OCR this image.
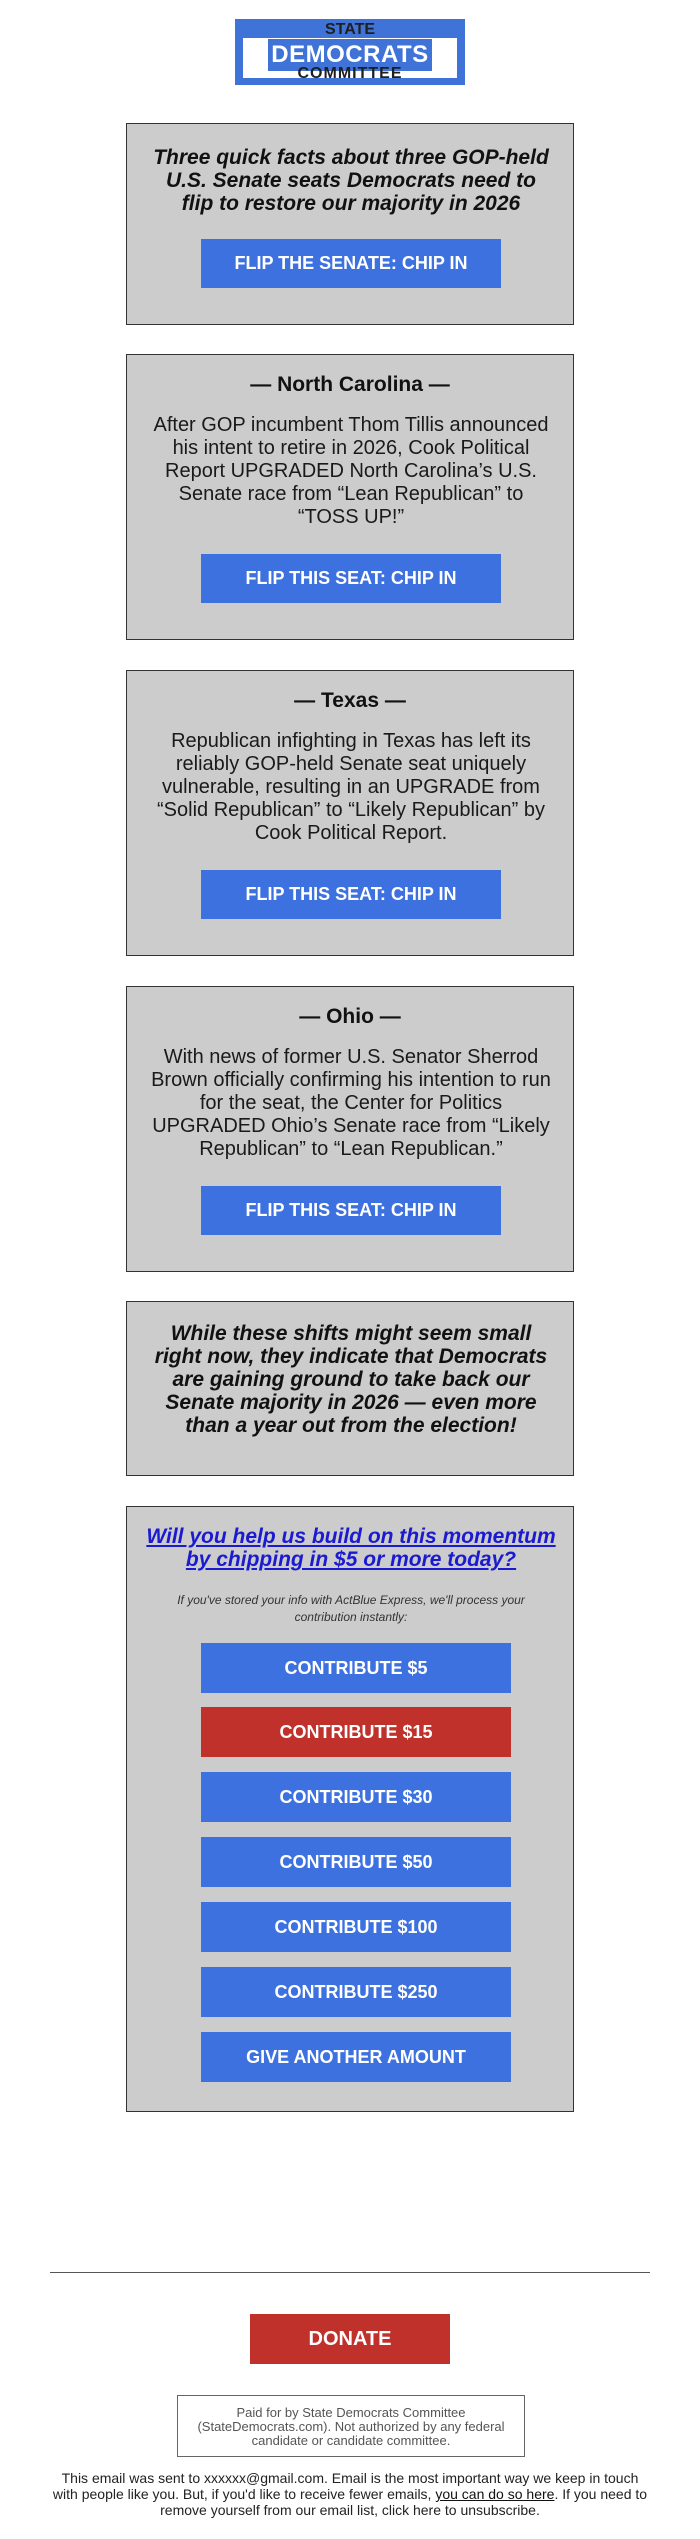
STATE
DEMOCRATS
COMMITTEE
Three quick facts about three GOP-held U.S. Senate seats Democrats need to flip to restore our majority in 2026
FLIP THE SENATE: CHIP IN
— North Carolina —
After GOP incumbent Thom Tillis announced his intent to retire in 2026, Cook Political Report UPGRADED North Carolina’s U.S. Senate race from “Lean Republican” to “TOSS UP!”
FLIP THIS SEAT: CHIP IN
— Texas —
Republican infighting in Texas has left its reliably GOP-held Senate seat uniquely vulnerable, resulting in an UPGRADE from “Solid Republican” to “Likely Republican” by Cook Political Report.
FLIP THIS SEAT: CHIP IN
— Ohio —
With news of former U.S. Senator Sherrod Brown officially confirming his intention to run for the seat, the Center for Politics UPGRADED Ohio’s Senate race from “Likely Republican” to “Lean Republican.”
FLIP THIS SEAT: CHIP IN
While these shifts might seem small right now, they indicate that Democrats are gaining ground to take back our Senate majority in 2026 — even more than a year out from the election!
Will you help us build on this momentum by chipping in $5 or more today?
If you've stored your info with ActBlue Express, we'll process your contribution instantly:
CONTRIBUTE $5
CONTRIBUTE $15
CONTRIBUTE $30
CONTRIBUTE $50
CONTRIBUTE $100
CONTRIBUTE $250
GIVE ANOTHER AMOUNT
DONATE
Paid for by State Democrats Committee (StateDemocrats.com). Not authorized by any federal candidate or candidate committee.
This email was sent to xxxxxx@gmail.com. Email is the most important way we keep in touch with people like you. But, if you'd like to receive fewer emails, you can do so here. If you need to remove yourself from our email list, click here to unsubscribe.
